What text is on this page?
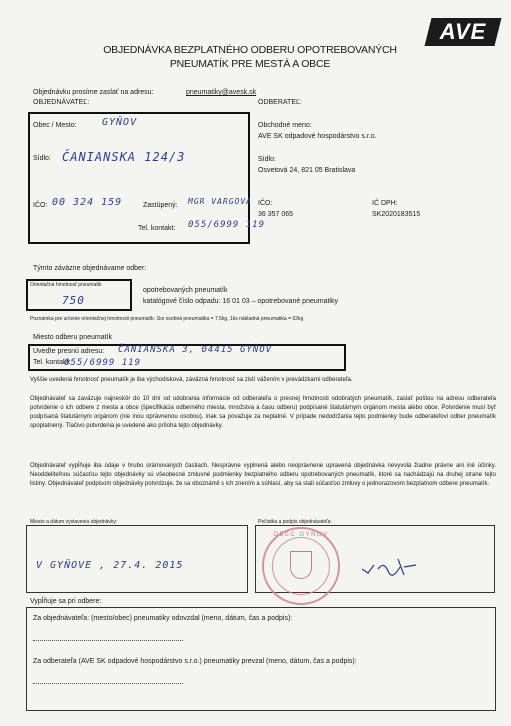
AVE
OBJEDNÁVKA BEZPLATNÉHO ODBERU OPOTREBOVANÝCH
PNEUMATÍK PRE MESTÁ A OBCE
Objednávku prosíme zaslať na adresu:	pneumatiky@avesk.sk
OBJEDNÁVATEĽ:	ODBERATEĽ:
Obec / Mesto:	GYŇOV
Sídlo: ČANIANSKA 124/3
IČO: 00 324 159	Zastúpený: MGR VARGOVÁ
Tel. kontakt: 055/6999 119
Obchodné meno:
AVE SK odpadové hospodárstvo s.r.o.
Sídlo:
Osvetová 24, 821 05 Bratislava
IČO:
36 357 065
IČ DPH:
SK2020183515
Týmto záväzne objednávame odber:
Orientačná hmotnosť pneumatík
750
opotrebovaných pneumatík
katalógové číslo odpadu: 16 01 03 – opotrebované pneumatiky
Poznámka pre určenie orientačnej hmotnosti pneumatík: 1ks osobná pneumatika = 7,5kg, 1ks nákladná pneumatika = 62kg
Miesto odberu pneumatík
Uveďte presnú adresu: ČANIANSKA 3, 04415 GYŇOV
Tel. kontakt:
055/6999 119
Vyššie uvedená hmotnosť pneumatík je iba východisková, záväzná hmotnosť sa zistí vážením v prevádzkarni odberateľa.
Objednávateľ sa zaväzuje najneskôr do 10 dní od odobrania informácie od odberateľa o presnej hmotnosti odobratých pneumatík, zaslať poštou na adresu odberateľa potvrdenie o ich odbere z mesta a obce (špecifikácia odberného miesta, množstva a času odberu) podpísané štatutárnym orgánom mesta alebo obce. Potvrdenie musí byť podpísaná štatutárnym orgánom (nie inou oprávnenou osobou), inak sa považuje za neplatné. V prípade nedodržania tejto podmienky bude odberateľovi odber pneumatík spoplatnený. Tlačivo potvrdenia je uvedené ako príloha tejto objednávky.
Objednávateľ vypĺňuje iba údaje v hrubo orámovaných častiach. Nesprávne vyplnená alebo neoprávnene upravená objednávka nevyvolá žiadne právne ani iné účinky. Neoddeliteľnou súčasťou tejto objednávky sú všeobecné zmluvné podmienky bezplatného odberu opotrebovaných pneumatík, ktoré sa nachádzajú na druhej strane tejto listiny. Objednávateľ podpisom objednávky potvrdzuje, že sa oboznámil s ich znením a súhlasí, aby sa stali súčasťou zmluvy o jednorazovom bezplatnom odbere pneumatík.
Miesto a dátum vystavenia objednávky:	Pečiatka a podpis objednávateľa:
V GYŇOVE , 27.4. 2015
OBEC GYŇOV
Vypĺňuje sa pri odbere:
Za objednávateľa: (mesto/obec) pneumatiky odovzdal (meno, dátum, čas a podpis):
Za odberateľa (AVE SK odpadové hospodárstvo s.r.o.) pneumatiky prevzal (meno, dátum, čas a podpis):
